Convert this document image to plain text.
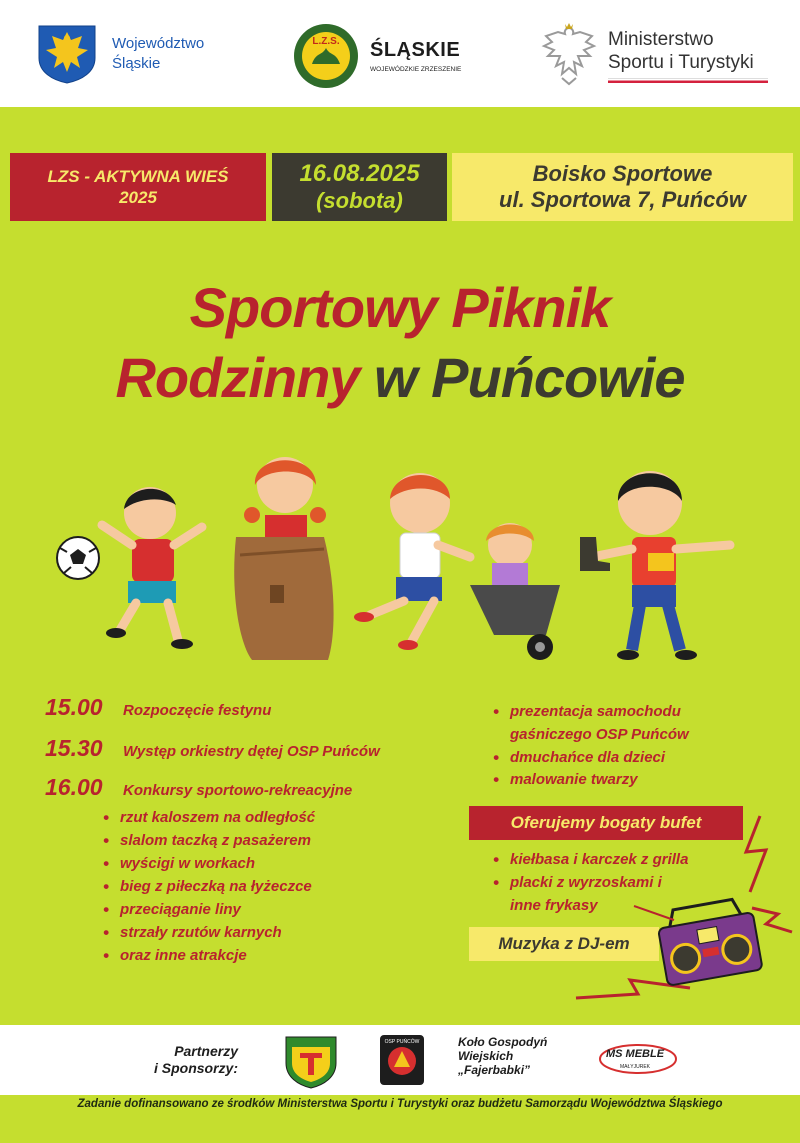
Województwo
Śląskie
L.Z.S. ŚLĄSKIE
WOJEWÓDZKIE ZRZESZENIE
Ministerstwo
Sportu i Turystyki
LZS - AKTYWNA WIEŚ
2025
16.08.2025
(sobota)
Boisko Sportowe
ul. Sportowa 7, Puńców
Sportowy Piknik
Rodzinny w Puńcowie
15.00	Rozpoczęcie festynu
15.30	Występ orkiestry dętej OSP Puńców
16.00	Konkursy sportowo-rekreacyjne
• rzut kaloszem na odległość
• slalom taczką z pasażerem
• wyścigi w workach
• bieg z piłeczką na łyżeczce
• przeciąganie liny
• strzały rzutów karnych
• oraz inne atrakcje
• prezentacja samochodu gaśniczego OSP Puńców
• dmuchańce dla dzieci
• malowanie twarzy
Oferujemy bogaty bufet
• kiełbasa i karczek z grilla
• placki z wyrzoskami i inne frykasy
Muzyka z DJ-em
Partnerzy
i Sponsorzy:
OSP PUŃCÓW	Koło Gospodyń
Wiejskich
„Fajerbabki”
MS MEBLE
MAŁYJUREK
Zadanie dofinansowano ze środków Ministerstwa Sportu i Turystyki oraz budżetu Samorządu Województwa Śląskiego
